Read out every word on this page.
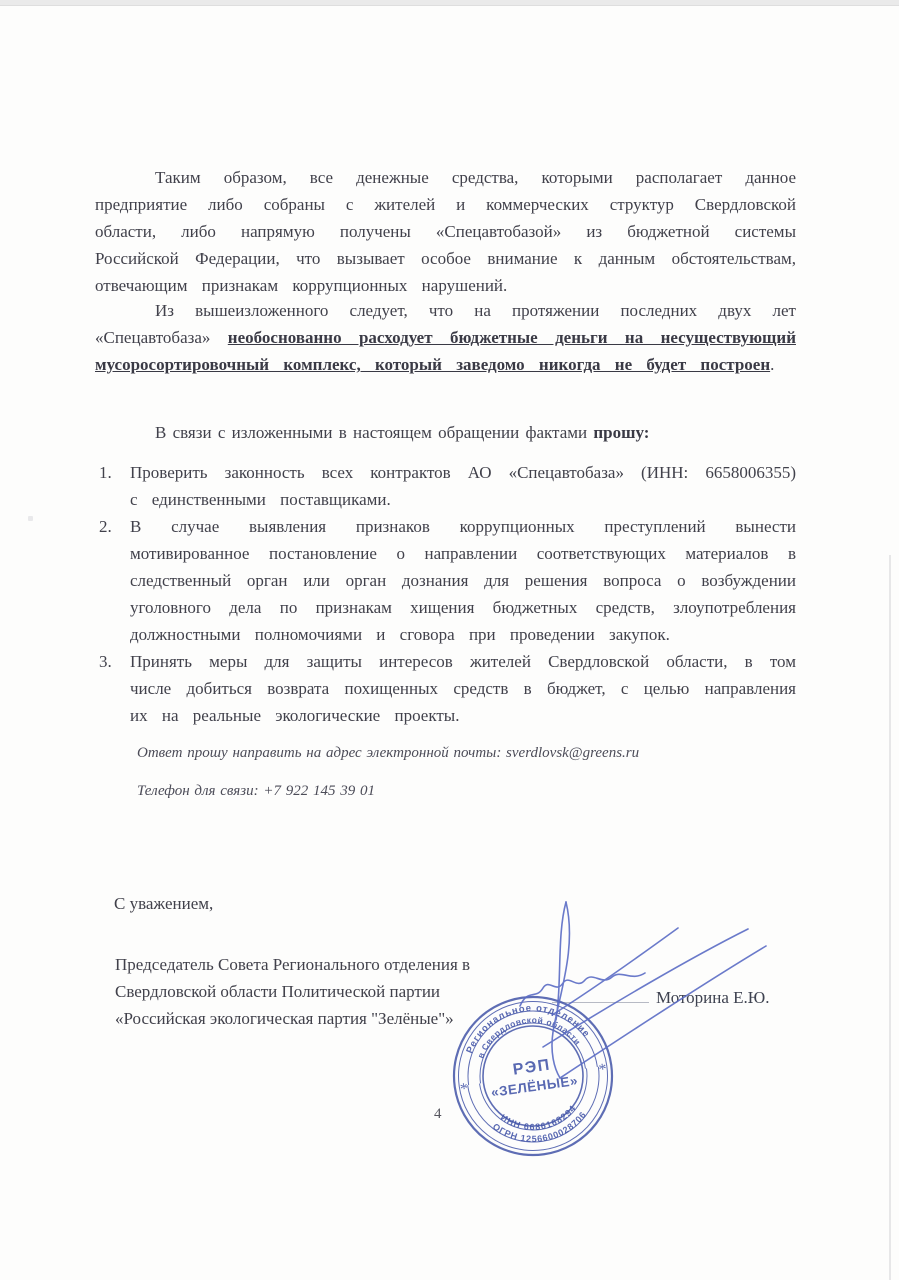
Таким образом, все денежные средства, которыми располагает данное предприятие либо собраны с жителей и коммерческих структур Свердловской области, либо напрямую получены «Спецавтобазой» из бюджетной системы Российской Федерации, что вызывает особое внимание к данным обстоятельствам, отвечающим признакам коррупционных нарушений.

Из вышеизложенного следует, что на протяжении последних двух лет «Спецавтобаза» необоснованно расходует бюджетные деньги на несуществующий мусоросортировочный комплекс, который заведомо никогда не будет построен.

В связи с изложенными в настоящем обращении фактами прошу:

1.	Проверить законность всех контрактов АО «Спецавтобаза» (ИНН: 6658006355) с единственными поставщиками.
2.	В случае выявления признаков коррупционных преступлений вынести мотивированное постановление о направлении соответствующих материалов в следственный орган или орган дознания для решения вопроса о возбуждении уголовного дела по признакам хищения бюджетных средств, злоупотребления должностными полномочиями и сговора при проведении закупок.
3.	Принять меры для защиты интересов жителей Свердловской области, в том числе добиться возврата похищенных средств в бюджет, с целью направления их на реальные экологические проекты.
Ответ прошу направить на адрес электронной почты: sverdlovsk@greens.ru
Телефон для связи: +7 922 145 39 01
С уважением,
Председатель Совета Регионального отделения в
Свердловской области Политической партии
«Российская экологическая партия "Зелёные"»
Моторина Е.Ю.
4
Региональное отделение
в Свердловской области
ИНН 6686168294
ОГРН 1256600028706
РЭП
«ЗЕЛЁНЫЕ»
*
*
